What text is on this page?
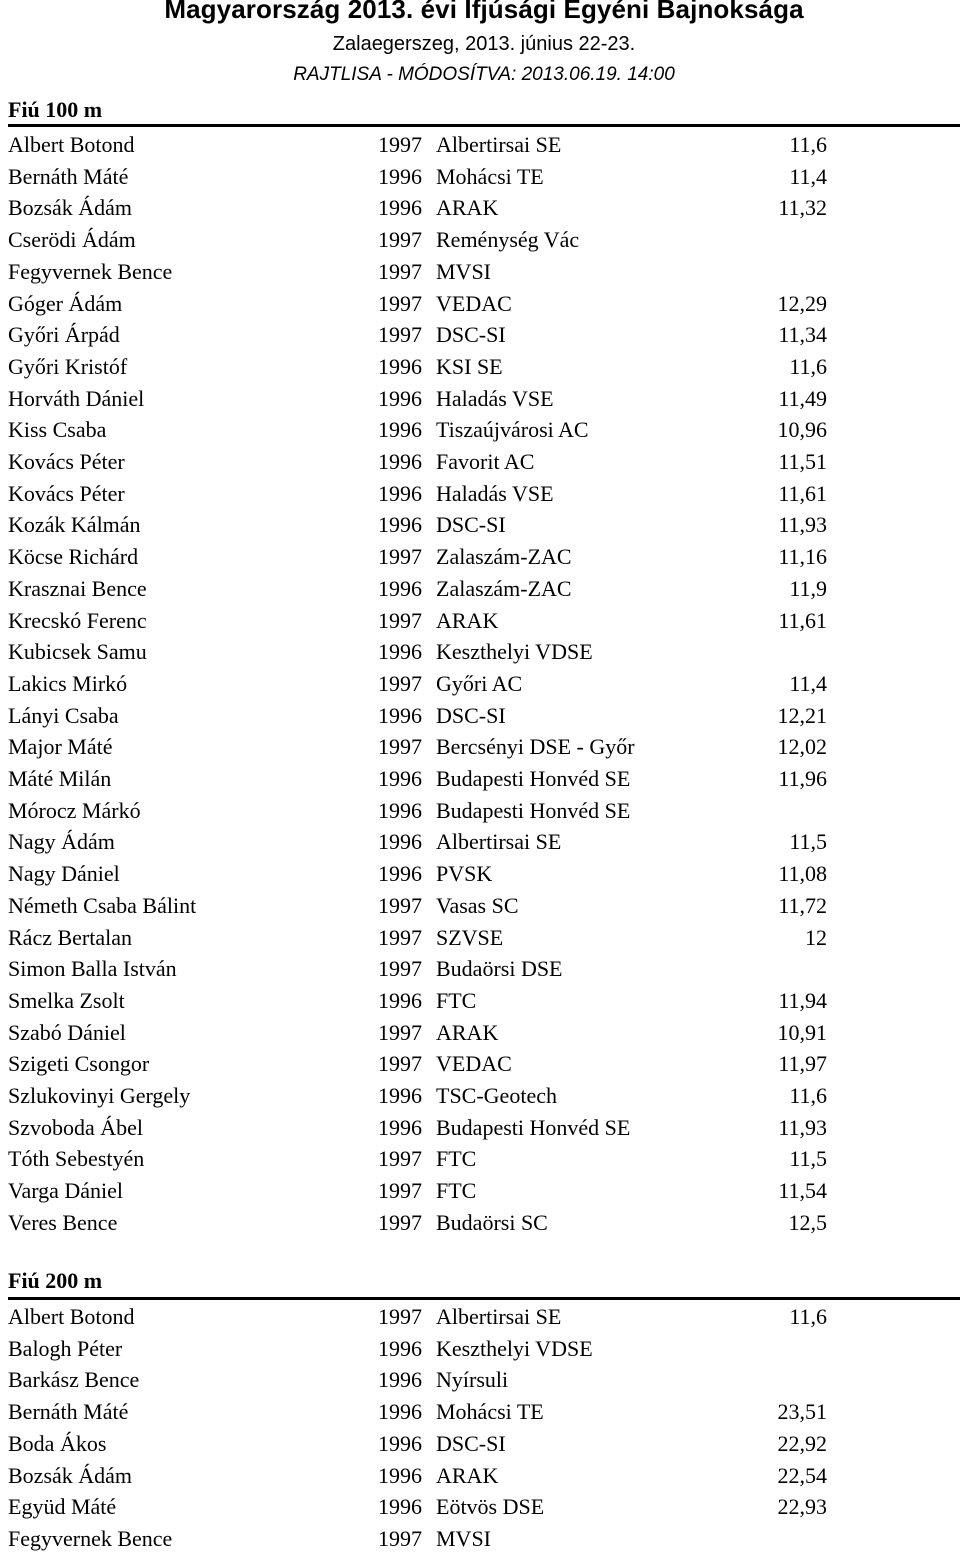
Magyarország 2013. évi Ifjúsági Egyéni Bajnoksága
Zalaegerszeg, 2013. június 22-23.
RAJTLISA - MÓDOSÍTVA: 2013.06.19. 14:00
Fiú 100 m
Albert Botond	1997 Albertirsai SE	11,6
Bernáth Máté	1996 Mohácsi TE	11,4
Bozsák Ádám	1996 ARAK	11,32
Cserödi Ádám	1997 Reménység Vác
Fegyvernek Bence	1997 MVSI
Góger Ádám	1997 VEDAC	12,29
Győri Árpád	1997 DSC-SI	11,34
Győri Kristóf	1996 KSI SE	11,6
Horváth Dániel	1996 Haladás VSE	11,49
Kiss Csaba	1996 Tiszaújvárosi AC	10,96
Kovács Péter	1996 Favorit AC	11,51
Kovács Péter	1996 Haladás VSE	11,61
Kozák Kálmán	1996 DSC-SI	11,93
Köcse Richárd	1997 Zalaszám-ZAC	11,16
Krasznai Bence	1996 Zalaszám-ZAC	11,9
Krecskó Ferenc	1997 ARAK	11,61
Kubicsek Samu	1996 Keszthelyi VDSE
Lakics Mirkó	1997 Győri AC	11,4
Lányi Csaba	1996 DSC-SI	12,21
Major Máté	1997 Bercsényi DSE - Győr	12,02
Máté Milán	1996 Budapesti Honvéd SE	11,96
Mórocz Márkó	1996 Budapesti Honvéd SE
Nagy Ádám	1996 Albertirsai SE	11,5
Nagy Dániel	1996 PVSK	11,08
Németh Csaba Bálint	1997 Vasas SC	11,72
Rácz Bertalan	1997 SZVSE	12
Simon Balla István	1997 Budaörsi DSE
Smelka Zsolt	1996 FTC	11,94
Szabó Dániel	1997 ARAK	10,91
Szigeti Csongor	1997 VEDAC	11,97
Szlukovinyi Gergely	1996 TSC-Geotech	11,6
Szvoboda Ábel	1996 Budapesti Honvéd SE	11,93
Tóth Sebestyén	1997 FTC	11,5
Varga Dániel	1997 FTC	11,54
Veres Bence	1997 Budaörsi SC	12,5
Fiú 200 m
Albert Botond	1997 Albertirsai SE	11,6
Balogh Péter	1996 Keszthelyi VDSE
Barkász Bence	1996 Nyírsuli
Bernáth Máté	1996 Mohácsi TE	23,51
Boda Ákos	1996 DSC-SI	22,92
Bozsák Ádám	1996 ARAK	22,54
Együd Máté	1996 Eötvös DSE	22,93
Fegyvernek Bence	1997 MVSI
